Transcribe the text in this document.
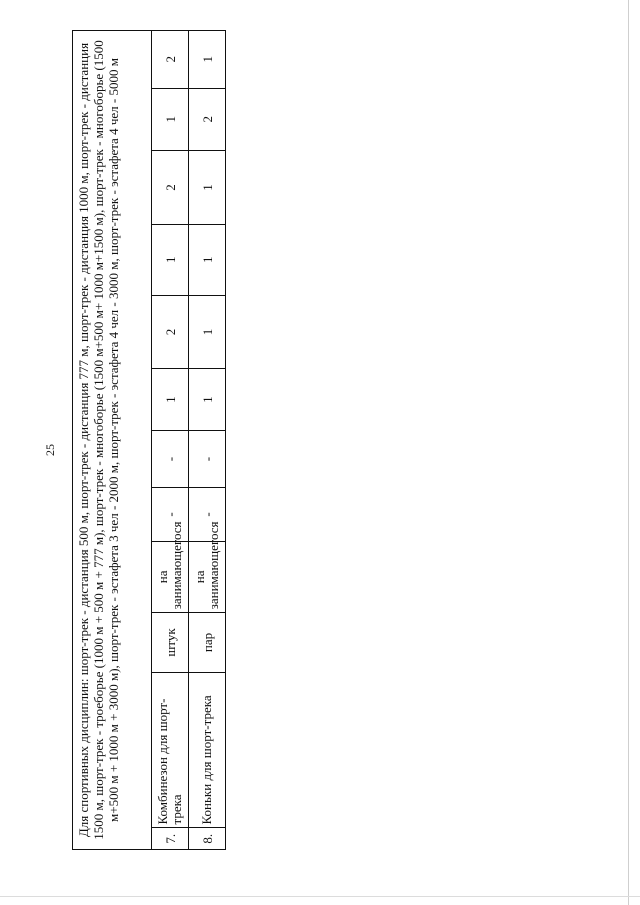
25 Для спортивных дисциплин: шорт-трек - дистанция 500 м, шорт-трек - дистанция 777 м, шорт-трек - дистанция 1000 м, шорт-трек - дистанция 1500 м, шорт-трек - троеборье (1000 м + 500 м + 777 м), шорт-трек - многоборье (1500 м+500 м+ 1000 м+1500 м), шорт-трек - многоборье (1500 м+500 м + 1000 м + 3000 м), шорт-трек - эстафета 3 чел - 2000 м, шорт-трек - эстафета 4 чел - 3000 м, шорт-трек - эстафета 4 чел - 5000 м											
7.	Комбинезон для шорт-трека	штук	на занимающегося	-	-	1	2	1	2	1	2
8.	Коньки для шорт-трека	пар	на занимающегося	-	-	1	1	1	1	2	1
